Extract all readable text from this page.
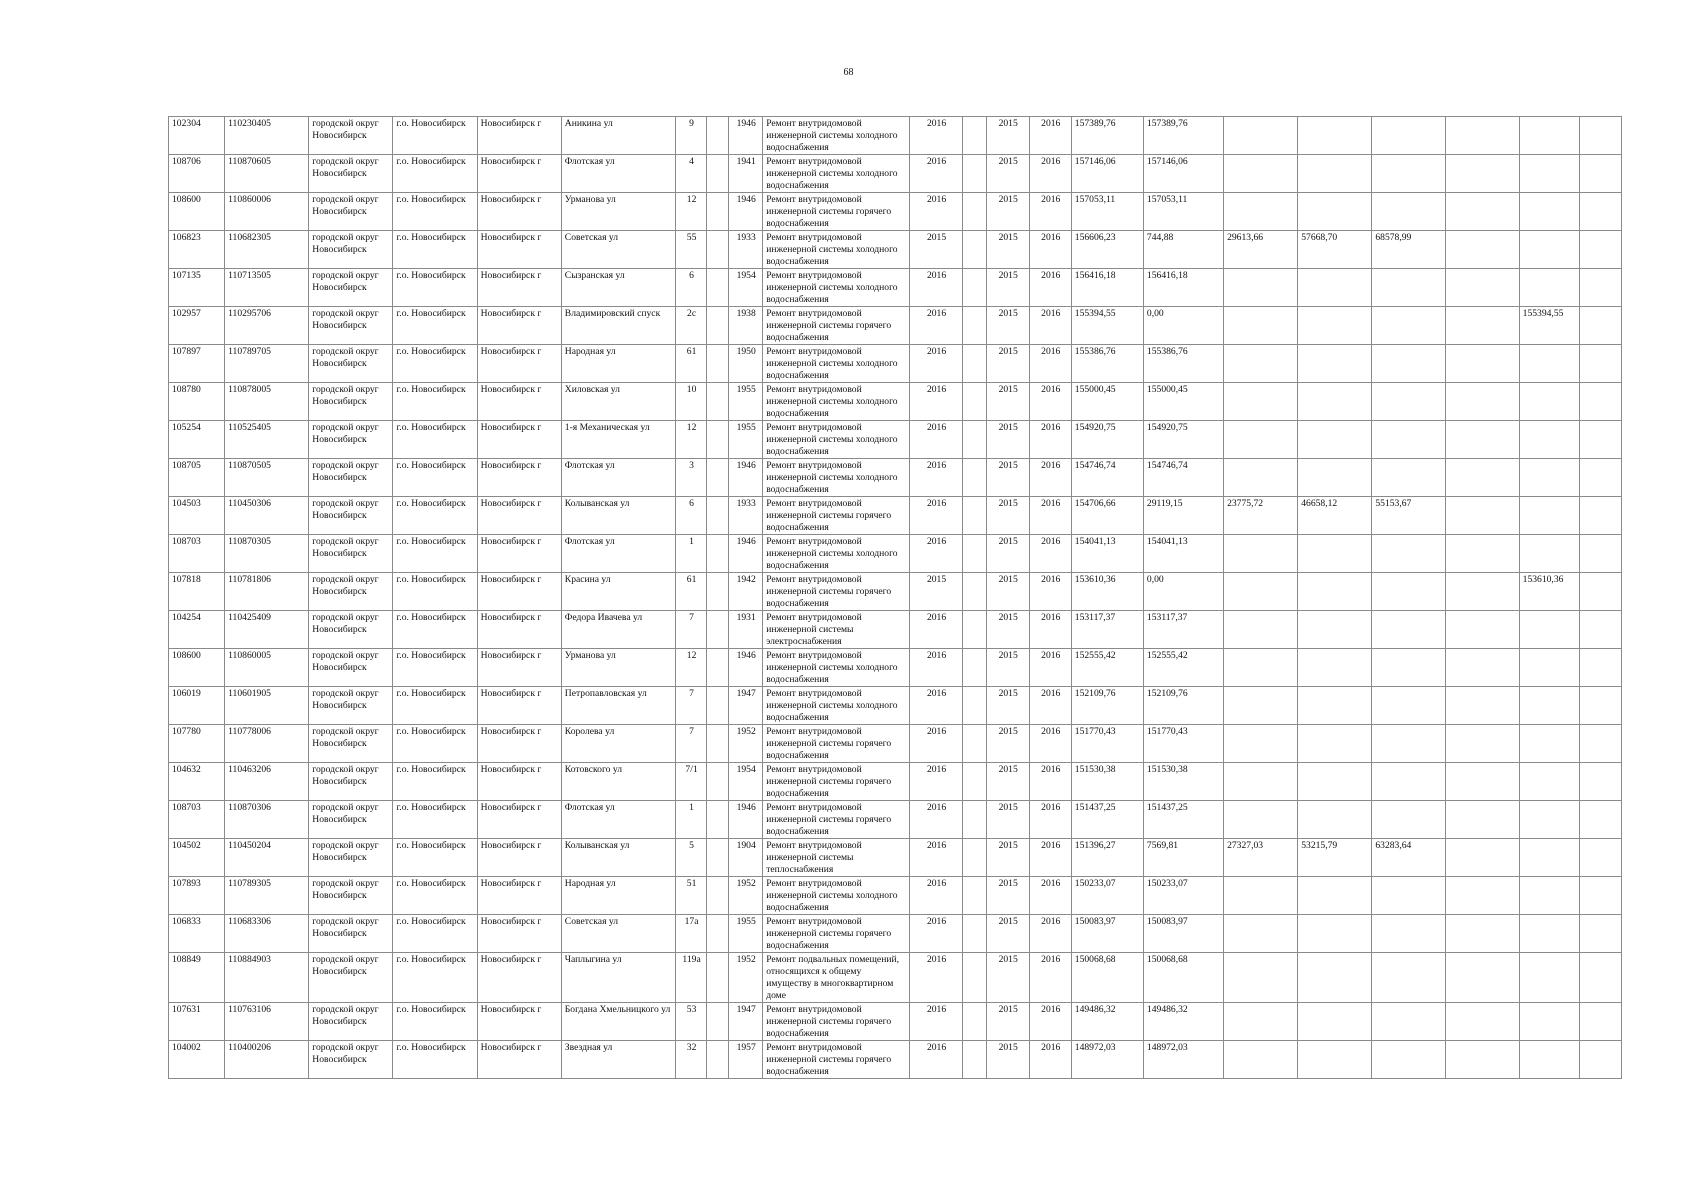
68
102304	110230405	городской округ Новосибирск	г.о. Новосибирск	Новосибирск г	Аникина ул	9		1946	Ремонт внутридомовой инженерной системы холодного водоснабжения	2016		2015	2016	157389,76	157389,76						
108706	110870605	городской округ Новосибирск	г.о. Новосибирск	Новосибирск г	Флотская ул	4		1941	Ремонт внутридомовой инженерной системы холодного водоснабжения	2016		2015	2016	157146,06	157146,06						
108600	110860006	городской округ Новосибирск	г.о. Новосибирск	Новосибирск г	Урманова ул	12		1946	Ремонт внутридомовой инженерной системы горячего водоснабжения	2016		2015	2016	157053,11	157053,11						
106823	110682305	городской округ Новосибирск	г.о. Новосибирск	Новосибирск г	Советская ул	55		1933	Ремонт внутридомовой инженерной системы холодного водоснабжения	2015		2015	2016	156606,23	744,88	29613,66	57668,70	68578,99			
107135	110713505	городской округ Новосибирск	г.о. Новосибирск	Новосибирск г	Сызранская ул	6		1954	Ремонт внутридомовой инженерной системы холодного водоснабжения	2016		2015	2016	156416,18	156416,18						
102957	110295706	городской округ Новосибирск	г.о. Новосибирск	Новосибирск г	Владимировский спуск	2с		1938	Ремонт внутридомовой инженерной системы горячего водоснабжения	2016		2015	2016	155394,55	0,00					155394,55	
107897	110789705	городской округ Новосибирск	г.о. Новосибирск	Новосибирск г	Народная ул	61		1950	Ремонт внутридомовой инженерной системы холодного водоснабжения	2016		2015	2016	155386,76	155386,76						
108780	110878005	городской округ Новосибирск	г.о. Новосибирск	Новосибирск г	Хиловская ул	10		1955	Ремонт внутридомовой инженерной системы холодного водоснабжения	2016		2015	2016	155000,45	155000,45						
105254	110525405	городской округ Новосибирск	г.о. Новосибирск	Новосибирск г	1-я Механическая ул	12		1955	Ремонт внутридомовой инженерной системы холодного водоснабжения	2016		2015	2016	154920,75	154920,75						
108705	110870505	городской округ Новосибирск	г.о. Новосибирск	Новосибирск г	Флотская ул	3		1946	Ремонт внутридомовой инженерной системы холодного водоснабжения	2016		2015	2016	154746,74	154746,74						
104503	110450306	городской округ Новосибирск	г.о. Новосибирск	Новосибирск г	Колыванская ул	6		1933	Ремонт внутридомовой инженерной системы горячего водоснабжения	2016		2015	2016	154706,66	29119,15	23775,72	46658,12	55153,67			
108703	110870305	городской округ Новосибирск	г.о. Новосибирск	Новосибирск г	Флотская ул	1		1946	Ремонт внутридомовой инженерной системы холодного водоснабжения	2016		2015	2016	154041,13	154041,13						
107818	110781806	городской округ Новосибирск	г.о. Новосибирск	Новосибирск г	Красина ул	61		1942	Ремонт внутридомовой инженерной системы горячего водоснабжения	2015		2015	2016	153610,36	0,00					153610,36	
104254	110425409	городской округ Новосибирск	г.о. Новосибирск	Новосибирск г	Федора Ивачева ул	7		1931	Ремонт внутридомовой инженерной системы электроснабжения	2016		2015	2016	153117,37	153117,37						
108600	110860005	городской округ Новосибирск	г.о. Новосибирск	Новосибирск г	Урманова ул	12		1946	Ремонт внутридомовой инженерной системы холодного водоснабжения	2016		2015	2016	152555,42	152555,42						
106019	110601905	городской округ Новосибирск	г.о. Новосибирск	Новосибирск г	Петропавловская ул	7		1947	Ремонт внутридомовой инженерной системы холодного водоснабжения	2016		2015	2016	152109,76	152109,76						
107780	110778006	городской округ Новосибирск	г.о. Новосибирск	Новосибирск г	Королева ул	7		1952	Ремонт внутридомовой инженерной системы горячего водоснабжения	2016		2015	2016	151770,43	151770,43						
104632	110463206	городской округ Новосибирск	г.о. Новосибирск	Новосибирск г	Котовского ул	7/1		1954	Ремонт внутридомовой инженерной системы горячего водоснабжения	2016		2015	2016	151530,38	151530,38						
108703	110870306	городской округ Новосибирск	г.о. Новосибирск	Новосибирск г	Флотская ул	1		1946	Ремонт внутридомовой инженерной системы горячего водоснабжения	2016		2015	2016	151437,25	151437,25						
104502	110450204	городской округ Новосибирск	г.о. Новосибирск	Новосибирск г	Колыванская ул	5		1904	Ремонт внутридомовой инженерной системы теплоснабжения	2016		2015	2016	151396,27	7569,81	27327,03	53215,79	63283,64			
107893	110789305	городской округ Новосибирск	г.о. Новосибирск	Новосибирск г	Народная ул	51		1952	Ремонт внутридомовой инженерной системы холодного водоснабжения	2016		2015	2016	150233,07	150233,07						
106833	110683306	городской округ Новосибирск	г.о. Новосибирск	Новосибирск г	Советская ул	17а		1955	Ремонт внутридомовой инженерной системы горячего водоснабжения	2016		2015	2016	150083,97	150083,97						
108849	110884903	городской округ Новосибирск	г.о. Новосибирск	Новосибирск г	Чаплыгина ул	119а		1952	Ремонт подвальных помещений, относящихся к общему имуществу в многоквартирном доме	2016		2015	2016	150068,68	150068,68						
107631	110763106	городской округ Новосибирск	г.о. Новосибирск	Новосибирск г	Богдана Хмельницкого ул	53		1947	Ремонт внутридомовой инженерной системы горячего водоснабжения	2016		2015	2016	149486,32	149486,32						
104002	110400206	городской округ Новосибирск	г.о. Новосибирск	Новосибирск г	Звездная ул	32		1957	Ремонт внутридомовой инженерной системы горячего водоснабжения	2016		2015	2016	148972,03	148972,03						
